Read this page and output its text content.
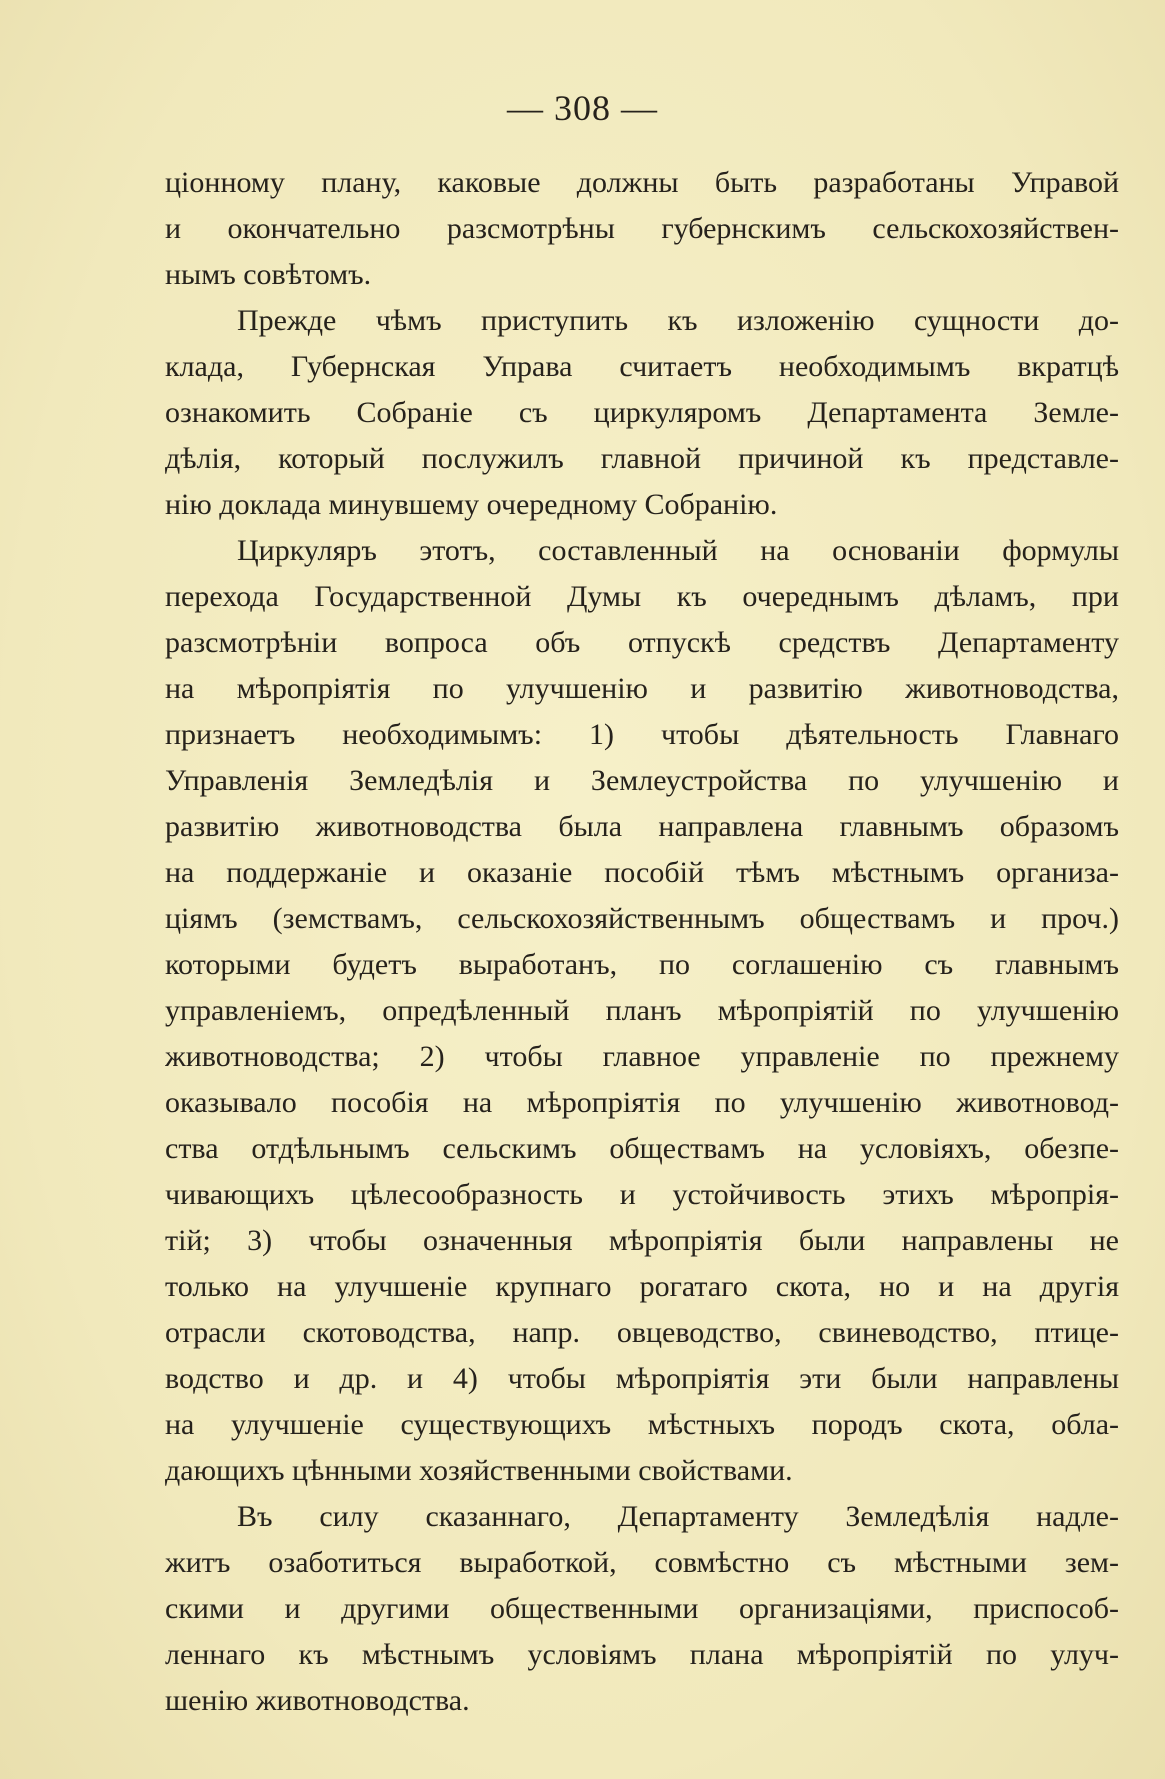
— 308 —
ціонному плану, каковые должны быть разработаны Управой
и окончательно разсмотрѣны губернскимъ сельскохозяйствен-
нымъ совѣтомъ.
Прежде чѣмъ приступить къ изложенію сущности до-
клада, Губернская Управа считаетъ необходимымъ вкратцѣ
ознакомить Собраніе съ циркуляромъ Департамента Земле-
дѣлія, который послужилъ главной причиной къ представле-
нію доклада минувшему очередному Собранію.
Циркуляръ этотъ, составленный на основаніи формулы
перехода Государственной Думы къ очереднымъ дѣламъ, при
разсмотрѣніи вопроса объ отпускѣ средствъ Департаменту
на мѣропріятія по улучшенію и развитію животноводства,
признаетъ необходимымъ: 1) чтобы дѣятельность Главнаго
Управленія Земледѣлія и Землеустройства по улучшенію и
развитію животноводства была направлена главнымъ образомъ
на поддержаніе и оказаніе пособій тѣмъ мѣстнымъ организа-
ціямъ (земствамъ, сельскохозяйственнымъ обществамъ и проч.)
которыми будетъ выработанъ, по соглашенію съ главнымъ
управленіемъ, опредѣленный планъ мѣропріятій по улучшенію
животноводства; 2) чтобы главное управленіе по прежнему
оказывало пособія на мѣропріятія по улучшенію животновод-
ства отдѣльнымъ сельскимъ обществамъ на условіяхъ, обезпе-
чивающихъ цѣлесообразность и устойчивость этихъ мѣропрія-
тій; 3) чтобы означенныя мѣропріятія были направлены не
только на улучшеніе крупнаго рогатаго скота, но и на другія
отрасли скотоводства, напр. овцеводство, свиневодство, птице-
водство и др. и 4) чтобы мѣропріятія эти были направлены
на улучшеніе существующихъ мѣстныхъ породъ скота, обла-
дающихъ цѣнными хозяйственными свойствами.
Въ силу сказаннаго, Департаменту Земледѣлія надле-
житъ озаботиться выработкой, совмѣстно съ мѣстными зем-
скими и другими общественными организаціями, приспособ-
леннаго къ мѣстнымъ условіямъ плана мѣропріятій по улуч-
шенію животноводства.
